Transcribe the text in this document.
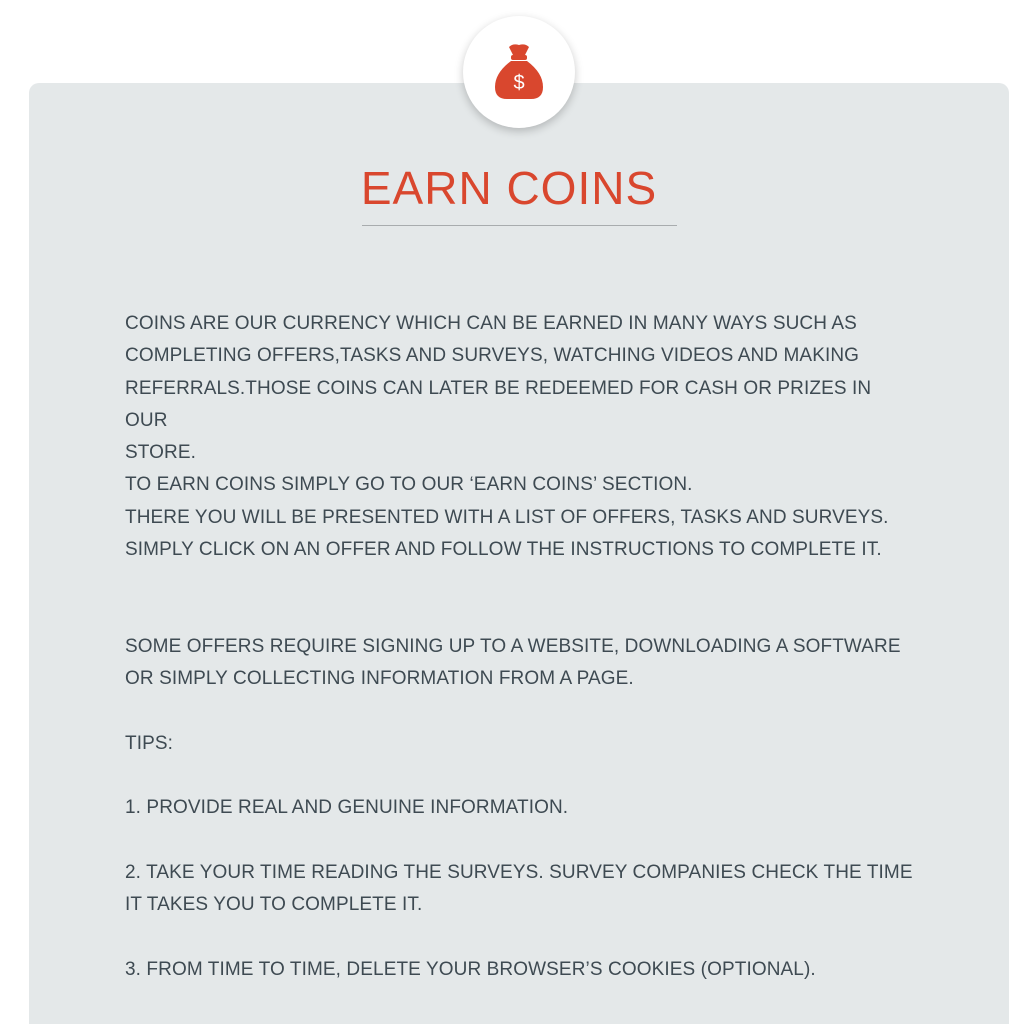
$
EARN COINS

COINS ARE OUR CURRENCY WHICH CAN BE EARNED IN MANY WAYS SUCH AS
COMPLETING OFFERS,TASKS AND SURVEYS, WATCHING VIDEOS AND MAKING
REFERRALS.THOSE COINS CAN LATER BE REDEEMED FOR CASH OR PRIZES IN OUR
STORE.

TO EARN COINS SIMPLY GO TO OUR ‘EARN COINS’ SECTION.

THERE YOU WILL BE PRESENTED WITH A LIST OF OFFERS, TASKS AND SURVEYS.

SIMPLY CLICK ON AN OFFER AND FOLLOW THE INSTRUCTIONS TO COMPLETE IT.

SOME OFFERS REQUIRE SIGNING UP TO A WEBSITE, DOWNLOADING A SOFTWARE
OR SIMPLY COLLECTING INFORMATION FROM A PAGE.

TIPS:

1. PROVIDE REAL AND GENUINE INFORMATION.

2. TAKE YOUR TIME READING THE SURVEYS. SURVEY COMPANIES CHECK THE TIME
IT TAKES YOU TO COMPLETE IT.

3. FROM TIME TO TIME, DELETE YOUR BROWSER’S COOKIES (OPTIONAL).
